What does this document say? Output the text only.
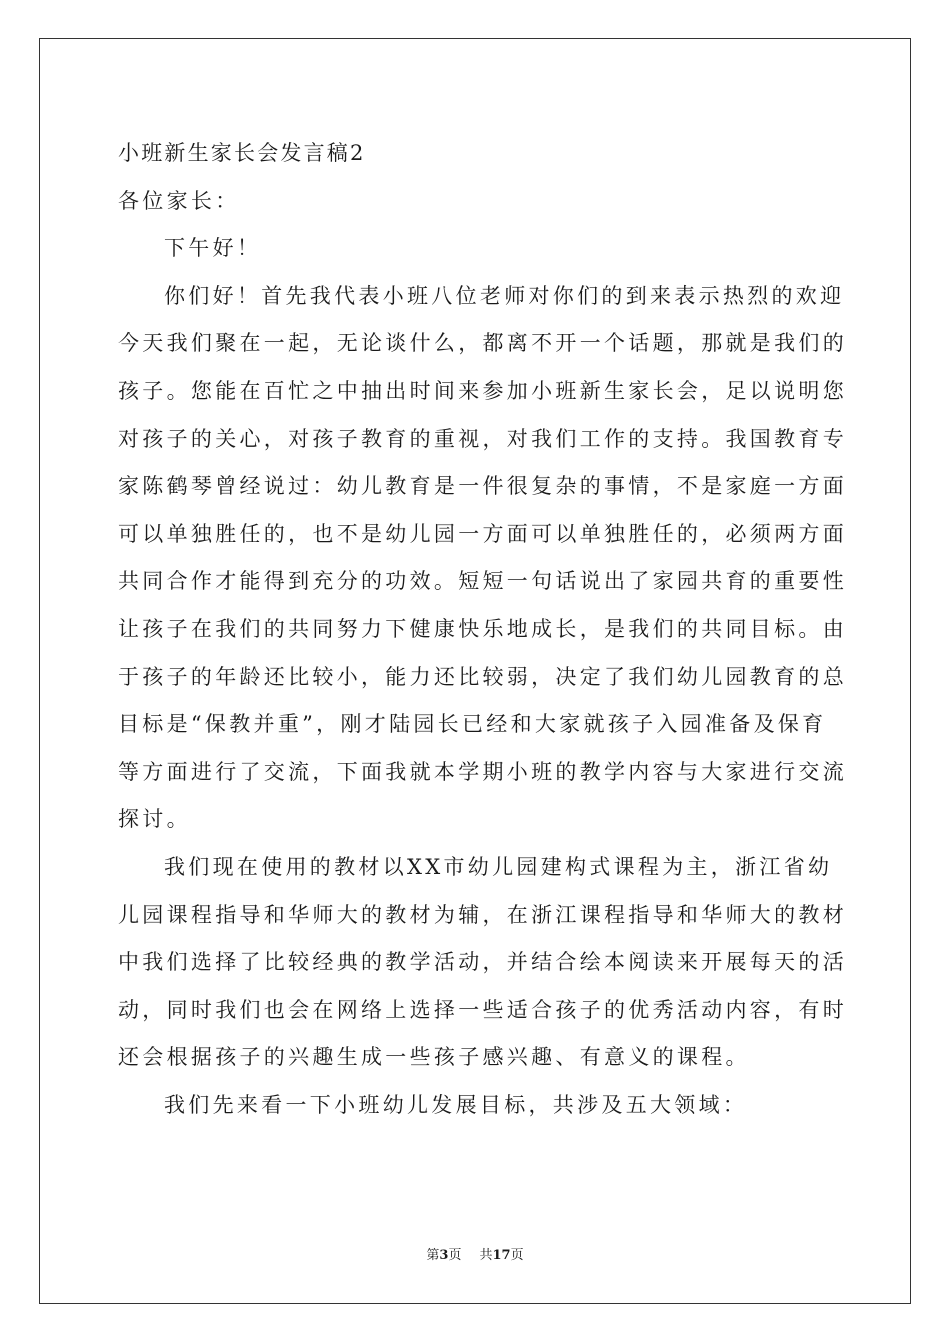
小班新生家长会发言稿2
各位家长：
下午好！
你们好！首先我代表小班八位老师对你们的到来表示热烈的欢迎
今天我们聚在一起，无论谈什么，都离不开一个话题，那就是我们的
孩子。您能在百忙之中抽出时间来参加小班新生家长会，足以说明您
对孩子的关心，对孩子教育的重视，对我们工作的支持。我国教育专
家陈鹤琴曾经说过：幼儿教育是一件很复杂的事情，不是家庭一方面
可以单独胜任的，也不是幼儿园一方面可以单独胜任的，必须两方面
共同合作才能得到充分的功效。短短一句话说出了家园共育的重要性
让孩子在我们的共同努力下健康快乐地成长，是我们的共同目标。由
于孩子的年龄还比较小，能力还比较弱，决定了我们幼儿园教育的总
目标是“保教并重”，刚才陆园长已经和大家就孩子入园准备及保育
等方面进行了交流，下面我就本学期小班的教学内容与大家进行交流
探讨。
我们现在使用的教材以XX市幼儿园建构式课程为主，浙江省幼
儿园课程指导和华师大的教材为辅，在浙江课程指导和华师大的教材
中我们选择了比较经典的教学活动，并结合绘本阅读来开展每天的活
动，同时我们也会在网络上选择一些适合孩子的优秀活动内容，有时
还会根据孩子的兴趣生成一些孩子感兴趣、有意义的课程。
我们先来看一下小班幼儿发展目标，共涉及五大领域：
第3页 共17页
